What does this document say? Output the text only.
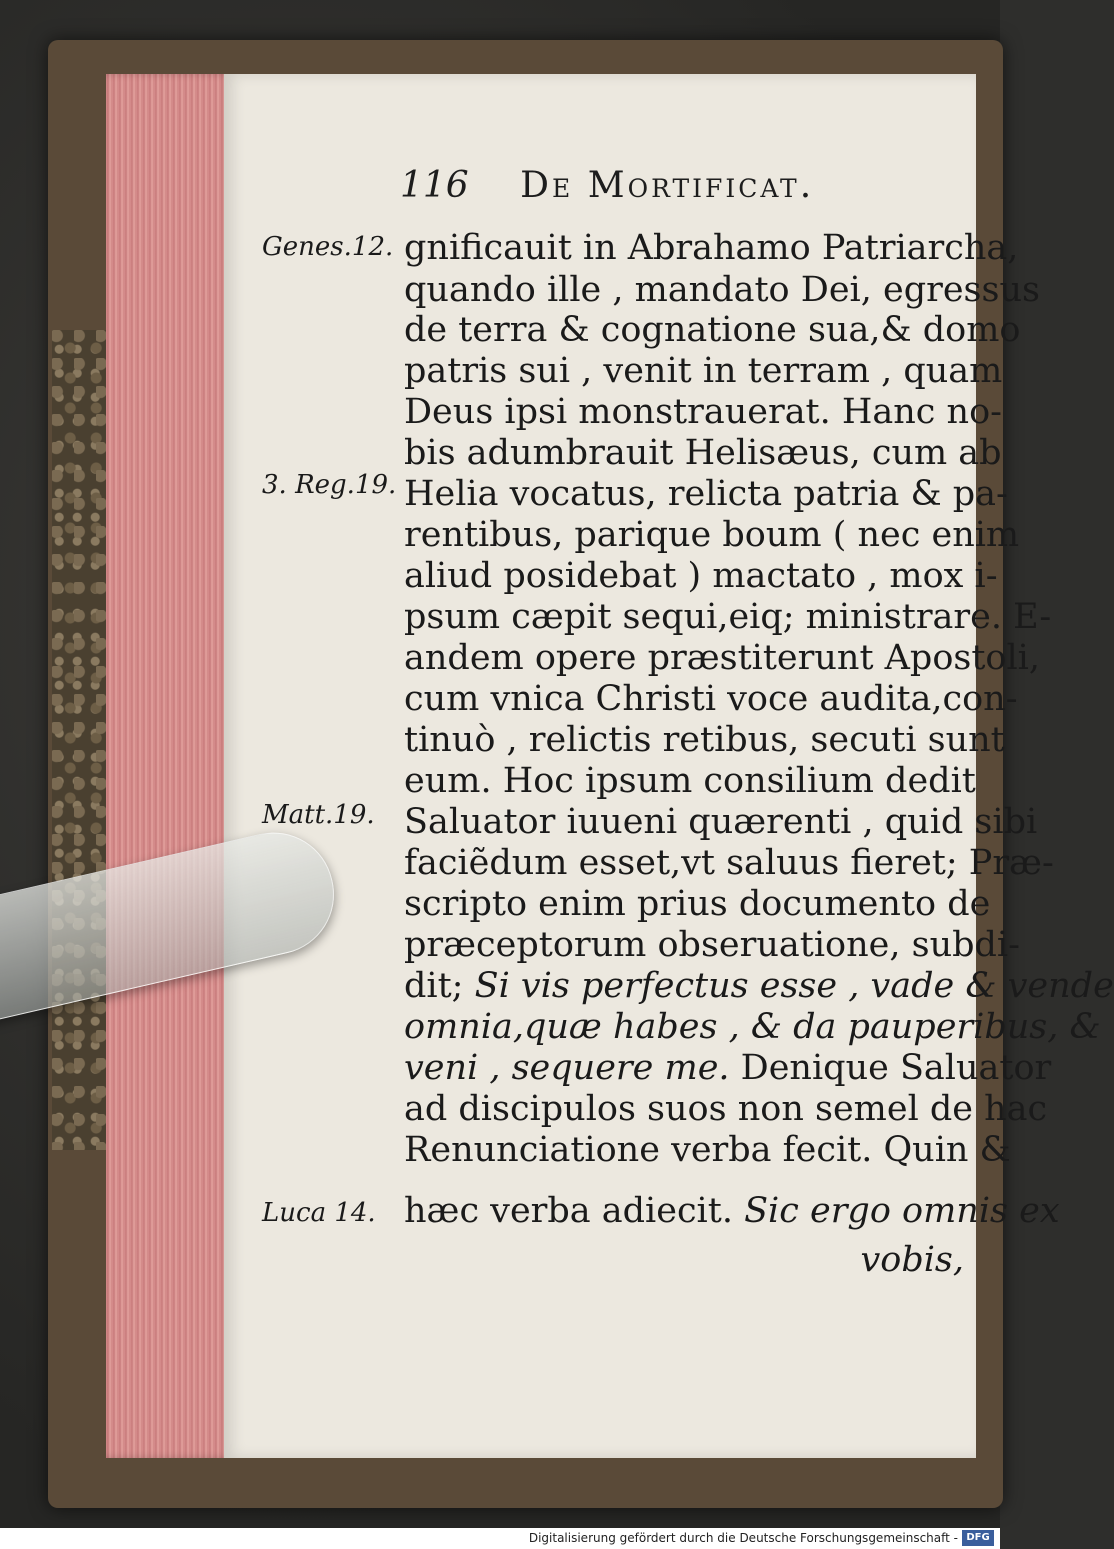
116 De Mortificat.
Genes.12.
3. Reg.19.
Matt.19.
Luca 14.
gnificauit in Abrahamo Patriarcha,
quando ille , mandato Dei, egressus
de terra & cognatione sua,& domo
patris sui , venit in terram , quam
Deus ipsi monstrauerat. Hanc no-
bis adumbrauit Helisæus, cum ab
Helia vocatus, relicta patria & pa-
rentibus, parique boum ( nec enim
aliud posidebat ) mactato , mox i-
psum cæpit sequi,eiq; ministrare. E-
andem opere præstiterunt Apostoli,
cum vnica Christi voce audita,con-
tinuò , relictis retibus, secuti sunt
eum. Hoc ipsum consilium dedit
Saluator iuueni quærenti , quid sibi
faciẽdum esset,vt saluus fieret; Præ-
scripto enim prius documento de
præceptorum obseruatione, subdi-
dit; Si vis perfectus esse , vade & vende
omnia,quæ habes , & da pauperibus, &
veni , sequere me. Denique Saluator
ad discipulos suos non semel de hac
Renunciatione verba fecit. Quin &
hæc verba adiecit. Sic ergo omnis ex
vobis,
Digitalisierung gefördert durch die Deutsche Forschungsgemeinschaft - DFG
